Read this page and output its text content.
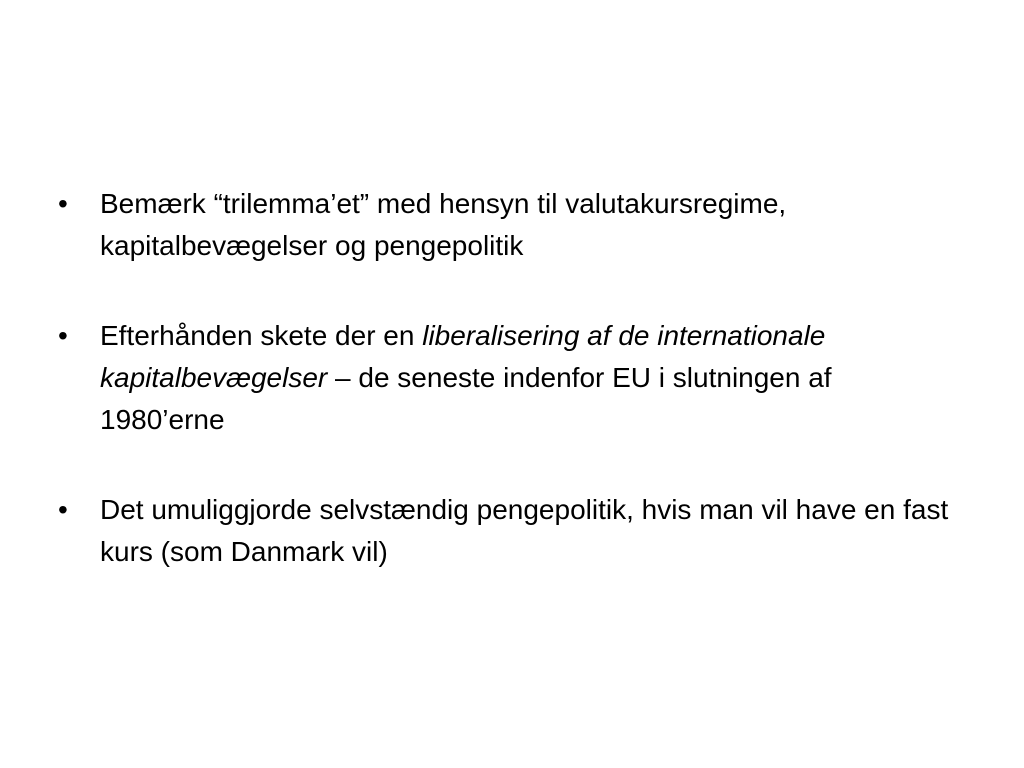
•	Bemærk “trilemma’et” med hensyn til valutakursregime, kapitalbevægelser og pengepolitik
•	Efterhånden skete der en liberalisering af de internationale kapitalbevægelser – de seneste indenfor EU i slutningen af 1980’erne
•	Det umuliggjorde selvstændig pengepolitik, hvis man vil have en fast kurs (som Danmark vil)
